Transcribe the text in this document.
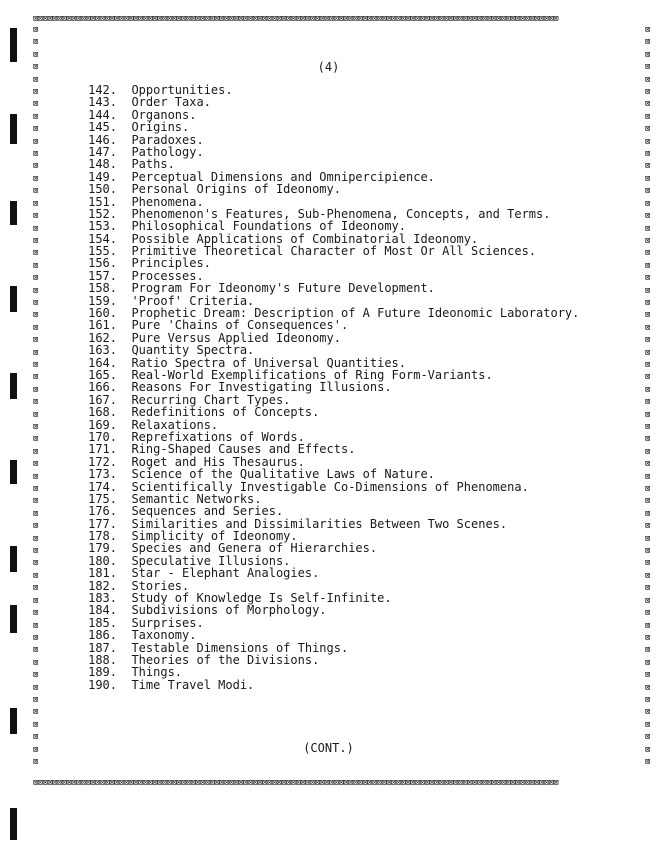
⊠⊠⊠⊠⊠⊠⊠⊠⊠⊠⊠⊠⊠⊠⊠⊠⊠⊠⊠⊠⊠⊠⊠⊠⊠⊠⊠⊠⊠⊠⊠⊠⊠⊠⊠⊠⊠⊠⊠⊠⊠⊠⊠⊠⊠⊠⊠⊠⊠⊠⊠⊠⊠⊠⊠⊠⊠⊠⊠⊠⊠⊠⊠⊠⊠⊠⊠⊠⊠⊠⊠⊠⊠⊠⊠⊠⊠⊠⊠⊠⊠⊠⊠⊠⊠⊠⊠⊠⊠⊠⊠⊠⊠⊠⊠⊠⊠⊠⊠⊠⊠⊠⊠⊠⊠⊠⊠⊠⊠⊠
⊠⊠⊠⊠⊠⊠⊠⊠⊠⊠⊠⊠⊠⊠⊠⊠⊠⊠⊠⊠⊠⊠⊠⊠⊠⊠⊠⊠⊠⊠⊠⊠⊠⊠⊠⊠⊠⊠⊠⊠⊠⊠⊠⊠⊠⊠⊠⊠⊠⊠⊠⊠⊠⊠⊠⊠⊠⊠⊠⊠⊠⊠⊠⊠⊠⊠⊠⊠⊠⊠⊠⊠⊠⊠⊠⊠⊠⊠⊠⊠⊠⊠⊠⊠⊠⊠⊠⊠⊠⊠⊠⊠⊠⊠⊠⊠⊠⊠⊠⊠⊠⊠⊠⊠⊠⊠⊠⊠⊠⊠
⊠
⊠
⊠
⊠
⊠
⊠
⊠
⊠
⊠
⊠
⊠
⊠
⊠
⊠
⊠
⊠
⊠
⊠
⊠
⊠
⊠
⊠
⊠
⊠
⊠
⊠
⊠
⊠
⊠
⊠
⊠
⊠
⊠
⊠
⊠
⊠
⊠
⊠
⊠
⊠
⊠
⊠
⊠
⊠
⊠
⊠
⊠
⊠
⊠
⊠
⊠
⊠
⊠
⊠
⊠
⊠
⊠
⊠
⊠
⊠
⊠
⊠
⊠
⊠
⊠
⊠
⊠
⊠
⊠
⊠
⊠
⊠
⊠
⊠
⊠
⊠
⊠
⊠
⊠
⊠
⊠
⊠
⊠
⊠
⊠
⊠
⊠
⊠
⊠
⊠
⊠
⊠
⊠
⊠
⊠
⊠
⊠
⊠
⊠
⊠
⊠
⊠
⊠
⊠
⊠
⊠
⊠
⊠
⊠
⊠
⊠
⊠
⊠
⊠
⊠
⊠
⊠
⊠
⊠
⊠
(4)
142. Opportunities.
143. Order Taxa.
144. Organons.
145. Origins.
146. Paradoxes.
147. Pathology.
148. Paths.
149. Perceptual Dimensions and Omnipercipience.
150. Personal Origins of Ideonomy.
151. Phenomena.
152. Phenomenon's Features, Sub-Phenomena, Concepts, and Terms.
153. Philosophical Foundations of Ideonomy.
154. Possible Applications of Combinatorial Ideonomy.
155. Primitive Theoretical Character of Most Or All Sciences.
156. Principles.
157. Processes.
158. Program For Ideonomy's Future Development.
159. 'Proof' Criteria.
160. Prophetic Dream: Description of A Future Ideonomic Laboratory.
161. Pure 'Chains of Consequences'.
162. Pure Versus Applied Ideonomy.
163. Quantity Spectra.
164. Ratio Spectra of Universal Quantities.
165. Real-World Exemplifications of Ring Form-Variants.
166. Reasons For Investigating Illusions.
167. Recurring Chart Types.
168. Redefinitions of Concepts.
169. Relaxations.
170. Reprefixations of Words.
171. Ring-Shaped Causes and Effects.
172. Roget and His Thesaurus.
173. Science of the Qualitative Laws of Nature.
174. Scientifically Investigable Co-Dimensions of Phenomena.
175. Semantic Networks.
176. Sequences and Series.
177. Similarities and Dissimilarities Between Two Scenes.
178. Simplicity of Ideonomy.
179. Species and Genera of Hierarchies.
180. Speculative Illusions.
181. Star - Elephant Analogies.
182. Stories.
183. Study of Knowledge Is Self-Infinite.
184. Subdivisions of Morphology.
185. Surprises.
186. Taxonomy.
187. Testable Dimensions of Things.
188. Theories of the Divisions.
189. Things.
190. Time Travel Modi.
(CONT.)
